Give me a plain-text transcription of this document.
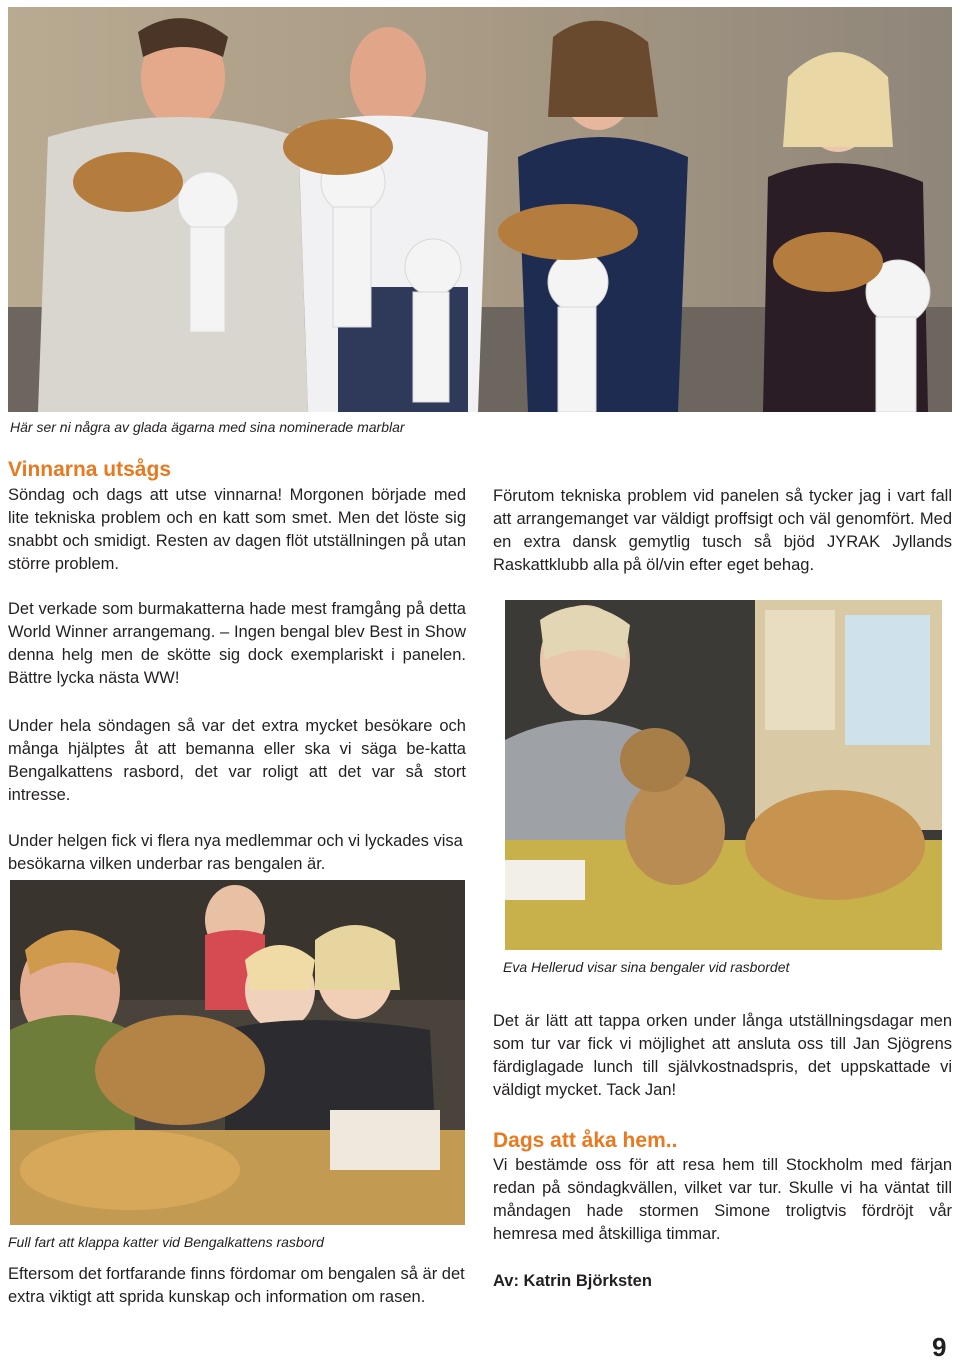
Här ser ni några av glada ägarna med sina nominerade marblar
Vinnarna utsågs

Söndag och dags att utse vinnarna! Morgonen började med lite tekniska problem och en katt som smet. Men det löste sig snabbt och smidigt. Resten av dagen flöt utställningen på utan större problem.

Det verkade som burmakatterna hade mest framgång på detta World Winner arrangemang. – Ingen bengal blev Best in Show denna helg men de skötte sig dock exemplariskt i panelen. Bättre lycka nästa WW!

Under hela söndagen så var det extra mycket besökare och många hjälptes åt att bemanna eller ska vi säga be-katta Bengalkattens rasbord, det var roligt att det var så stort intresse.

Under helgen fick vi flera nya medlemmar och vi lyckades visa besökarna vilken underbar ras bengalen är.

Förutom tekniska problem vid panelen så tycker jag i vart fall att arrangemanget var väldigt proffsigt och väl genomfört. Med en extra dansk gemytlig tusch så bjöd JYRAK Jyllands Raskattklubb alla på öl/vin efter eget behag.

Eva Hellerud visar sina bengaler vid rasbordet

Det är lätt att tappa orken under långa utställningsdagar men som tur var fick vi möjlighet att ansluta oss till Jan Sjögrens färdiglagade lunch till självkostnadspris, det uppskattade vi väldigt mycket. Tack Jan!

Dags att åka hem..

Vi bestämde oss för att resa hem till Stockholm med färjan redan på söndagkvällen, vilket var tur. Skulle vi ha väntat till måndagen hade stormen Simone troligtvis fördröjt vår hemresa med åtskilliga timmar.

Av: Katrin Björksten
Full fart att klappa katter vid Bengalkattens rasbord

Eftersom det fortfarande finns fördomar om bengalen så är det extra viktigt att sprida kunskap och information om rasen.

9
